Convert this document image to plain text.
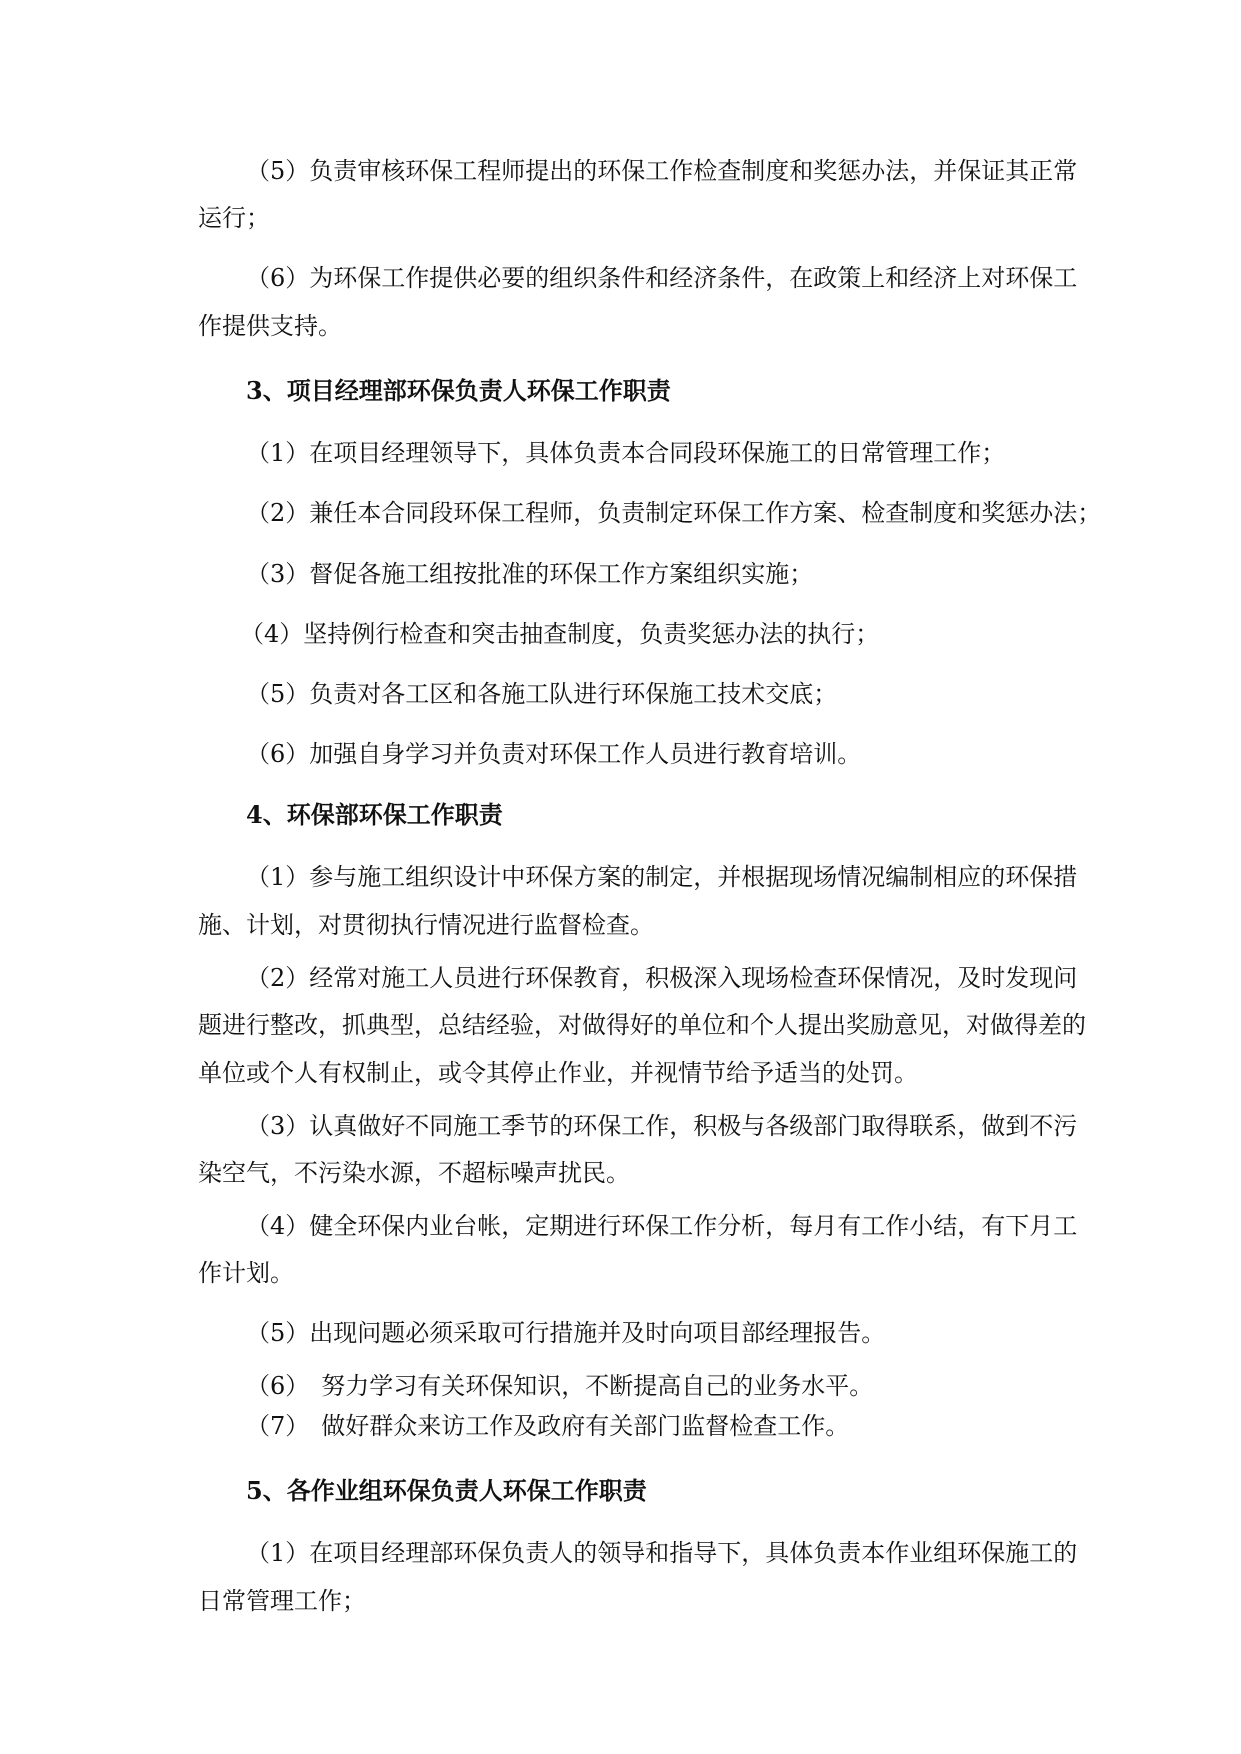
（5）负责审核环保工程师提出的环保工作检查制度和奖惩办法，并保证其正常

运行；

（6）为环保工作提供必要的组织条件和经济条件，在政策上和经济上对环保工

作提供支持。

3、项目经理部环保负责人环保工作职责

（1）在项目经理领导下，具体负责本合同段环保施工的日常管理工作；

（2）兼任本合同段环保工程师，负责制定环保工作方案、检查制度和奖惩办法；

（3）督促各施工组按批准的环保工作方案组织实施；

（4）坚持例行检查和突击抽查制度，负责奖惩办法的执行；

（5）负责对各工区和各施工队进行环保施工技术交底；

（6）加强自身学习并负责对环保工作人员进行教育培训。

4、环保部环保工作职责

（1）参与施工组织设计中环保方案的制定，并根据现场情况编制相应的环保措

施、计划，对贯彻执行情况进行监督检查。

（2）经常对施工人员进行环保教育，积极深入现场检查环保情况，及时发现问

题进行整改，抓典型，总结经验，对做得好的单位和个人提出奖励意见，对做得差的

单位或个人有权制止，或令其停止作业，并视情节给予适当的处罚。

（3）认真做好不同施工季节的环保工作，积极与各级部门取得联系，做到不污

染空气，不污染水源，不超标噪声扰民。

（4）健全环保内业台帐，定期进行环保工作分析，每月有工作小结，有下月工

作计划。

（5）出现问题必须采取可行措施并及时向项目部经理报告。

（6）　努力学习有关环保知识，不断提高自己的业务水平。

（7）　做好群众来访工作及政府有关部门监督检查工作。

5、各作业组环保负责人环保工作职责

（1）在项目经理部环保负责人的领导和指导下，具体负责本作业组环保施工的

日常管理工作；
